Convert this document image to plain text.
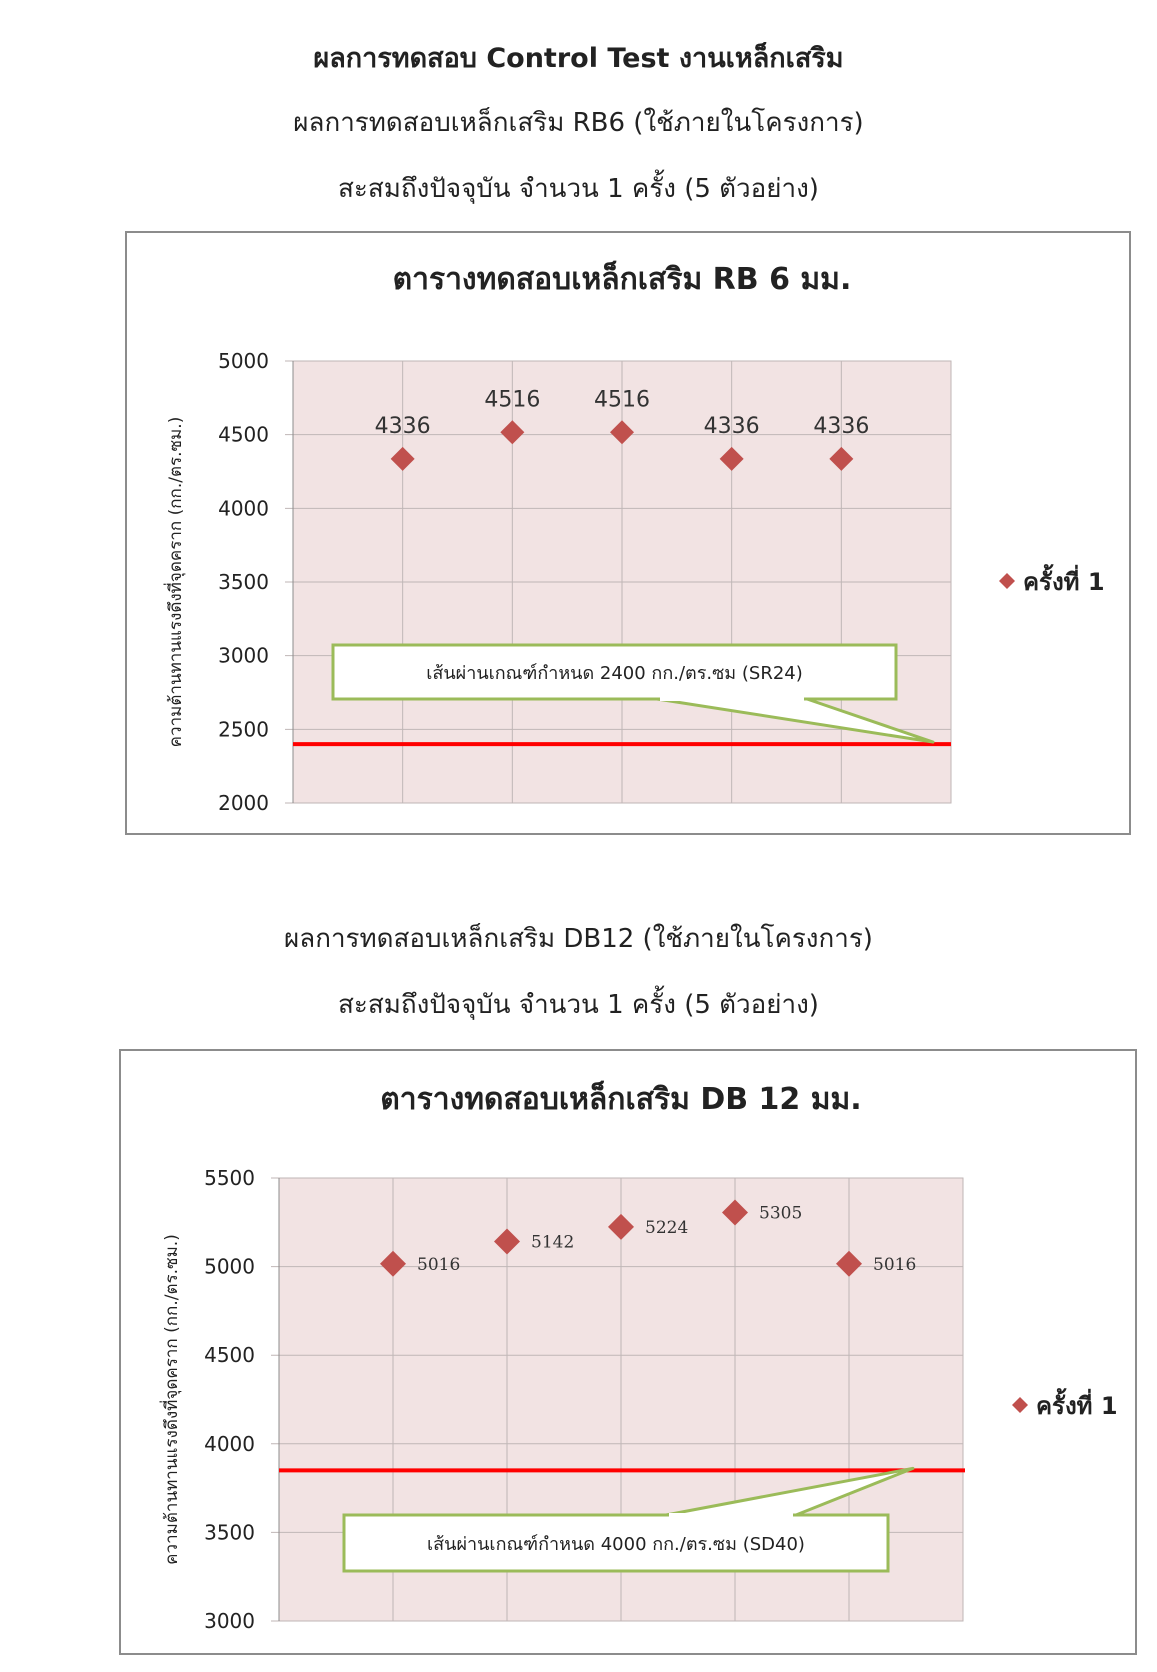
ผลการทดสอบ Control Test งานเหล็กเสริม

ผลการทดสอบเหล็กเสริม RB6 (ใช้ภายในโครงการ)

สะสมถึงปัจจุบัน จำนวน 1 ครั้ง (5 ตัวอย่าง)

ตารางทดสอบเหล็กเสริม RB 6 มม.
2000
2500
3000
3500
4000
4500
5000
ความต้านทานแรงดึงที่จุดคราก (กก./ตร.ซม.)	เส้นผ่านเกณฑ์กำหนด 2400 กก./ตร.ซม (SR24)
4336
4516 4516
4336 4336
ครั้งที่ 1

ผลการทดสอบเหล็กเสริม DB12 (ใช้ภายในโครงการ)

สะสมถึงปัจจุบัน จำนวน 1 ครั้ง (5 ตัวอย่าง)

ตารางทดสอบเหล็กเสริม DB 12 มม.
3000
3500
4000
4500
5000
5500
ความต้านทานแรงดึงที่จุดคราก (กก./ตร.ซม.)	เส้นผ่านเกณฑ์กำหนด 4000 กก./ตร.ซม (SD40)
5016
5142
5224
5305
5016
ครั้งที่ 1
